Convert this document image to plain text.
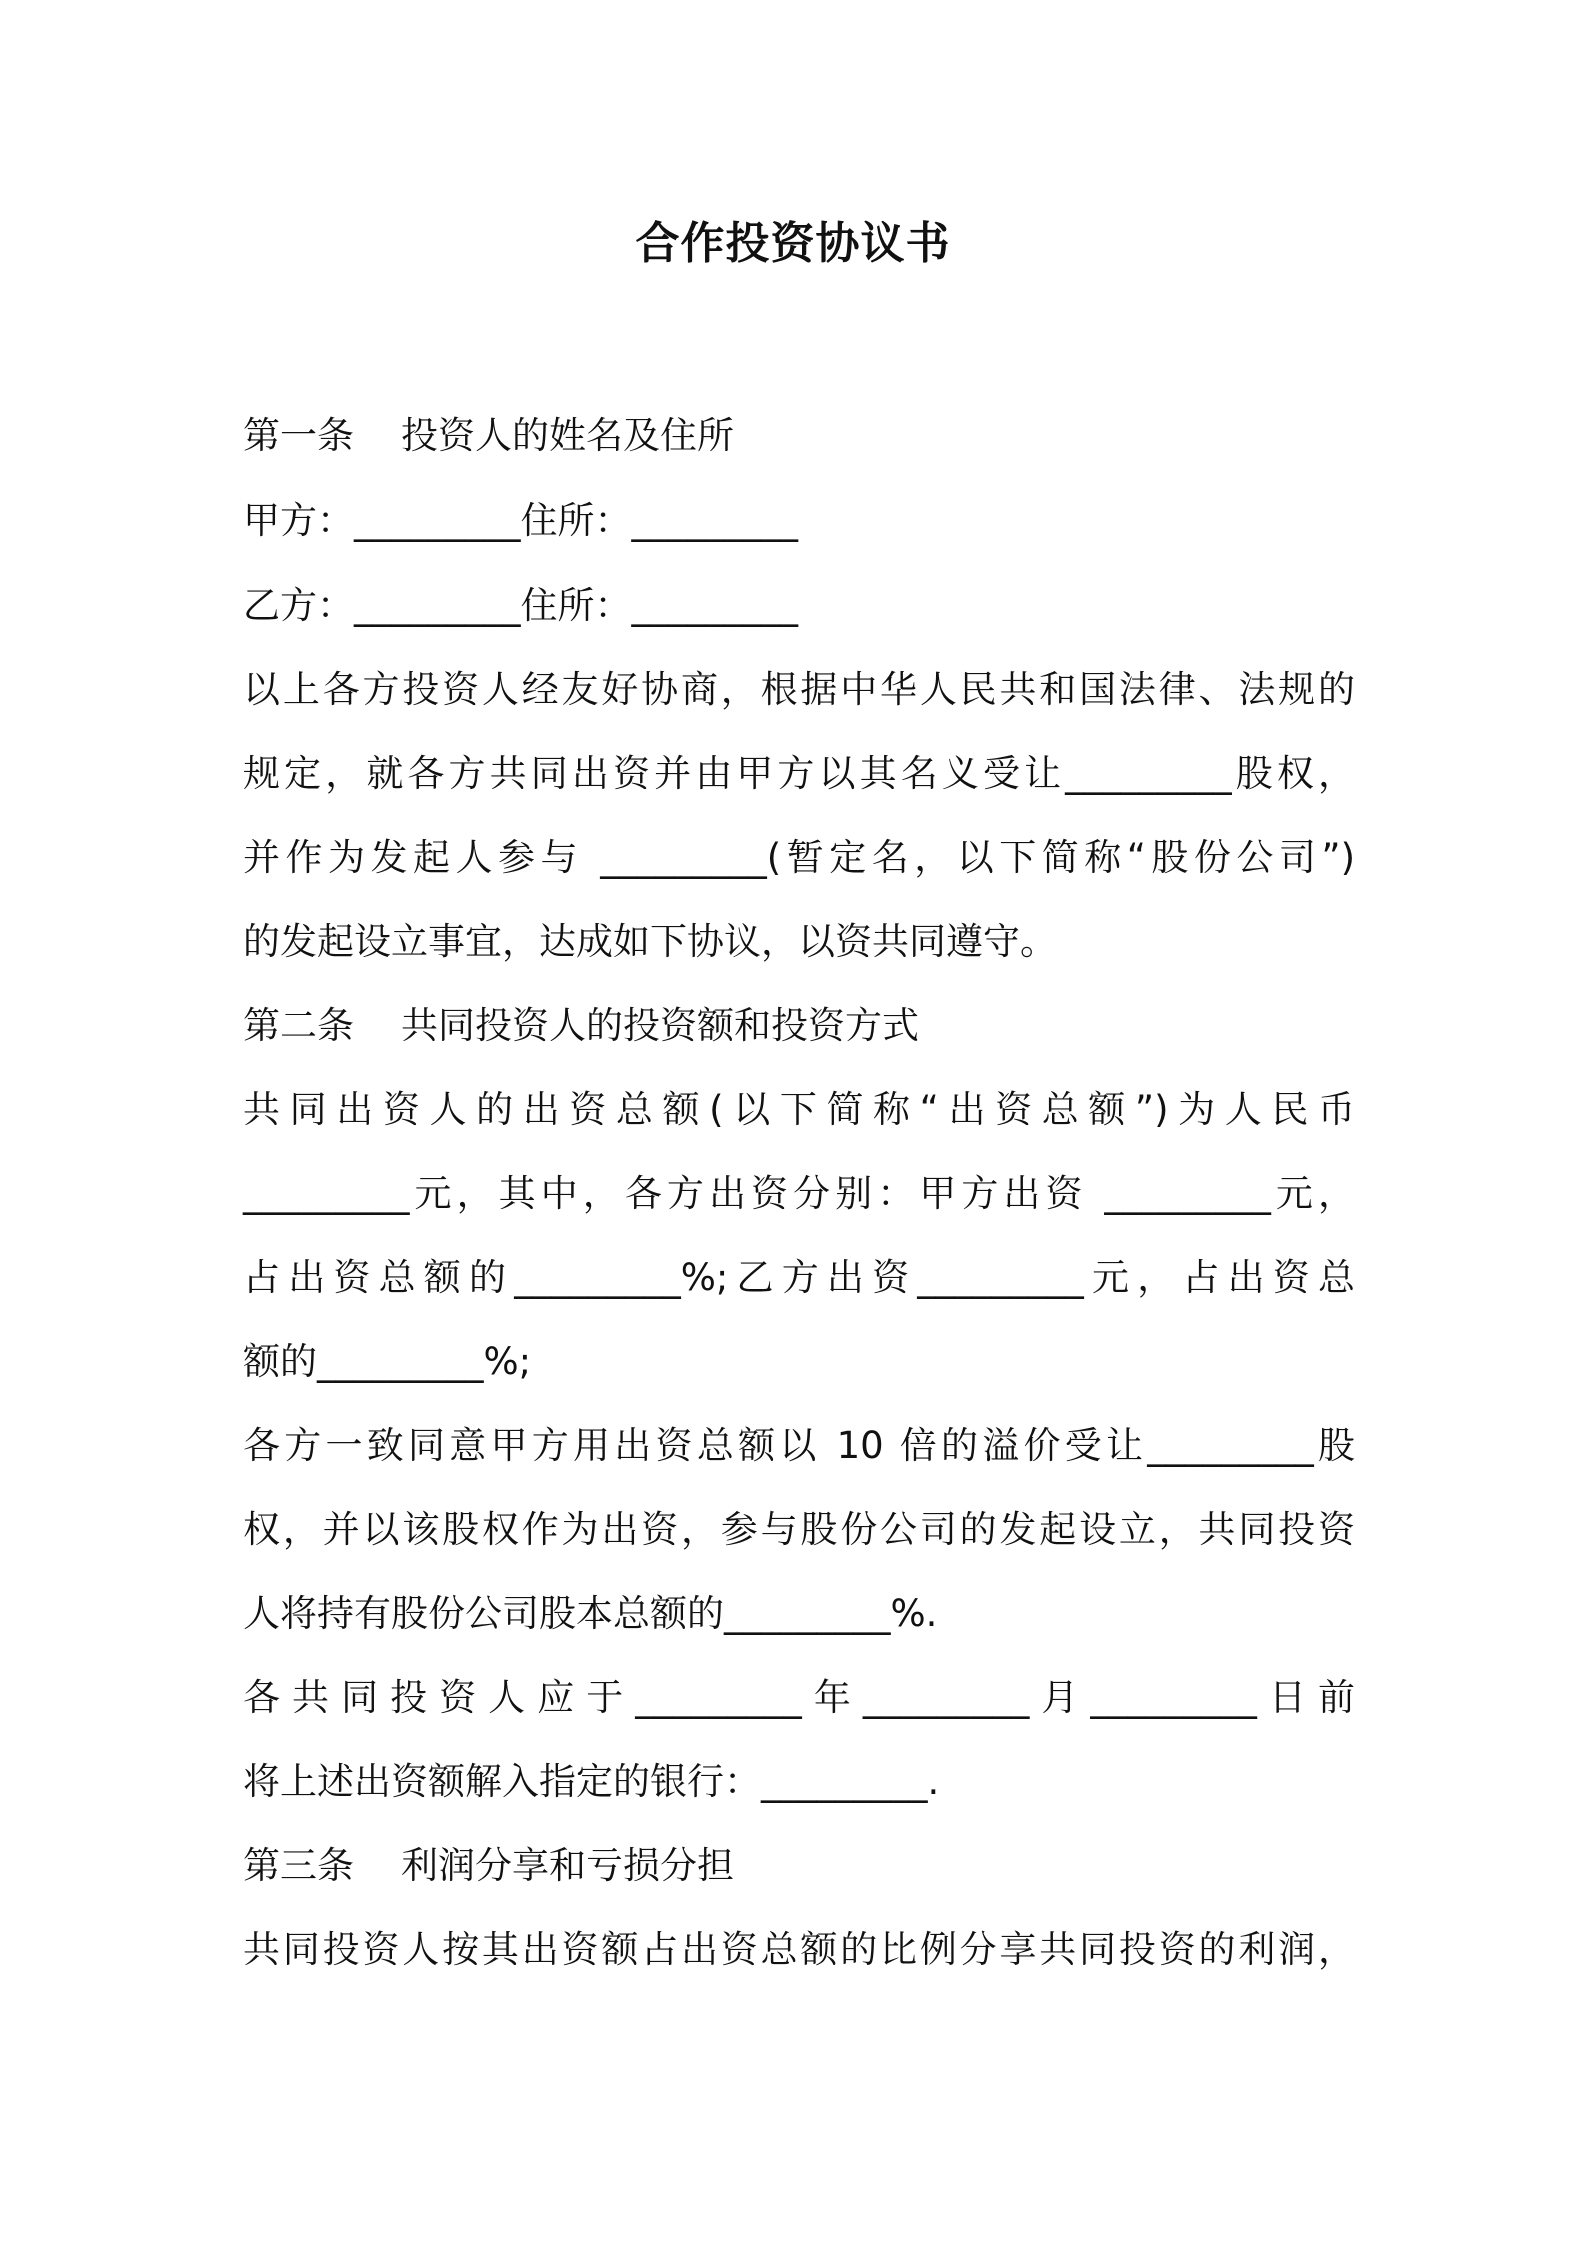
合作投资协议书
第一条    投资人的姓名及住所
甲方：_________住所：_________
乙方：_________住所：_________
以上各方投资人经友好协商，根据中华人民共和国法律、法规的
规定，就各方共同出资并由甲方以其名义受让_________股权，
并作为发起人参与 _________(暂定名，以下简称“股份公司”)
的发起设立事宜，达成如下协议，以资共同遵守。
第二条    共同投资人的投资额和投资方式
共同出资人的出资总额(以下简称“出资总额”)为人民币
_________元，其中，各方出资分别：甲方出资 _________元，
占出资总额的_________%;乙方出资_________元，占出资总
额的_________%;
各方一致同意甲方用出资总额以 10 倍的溢价受让_________股
权，并以该股权作为出资，参与股份公司的发起设立，共同投资
人将持有股份公司股本总额的_________%.
各共同投资人应于_________年_________月_________日前
将上述出资额解入指定的银行：_________.
第三条    利润分享和亏损分担
共同投资人按其出资额占出资总额的比例分享共同投资的利润，
